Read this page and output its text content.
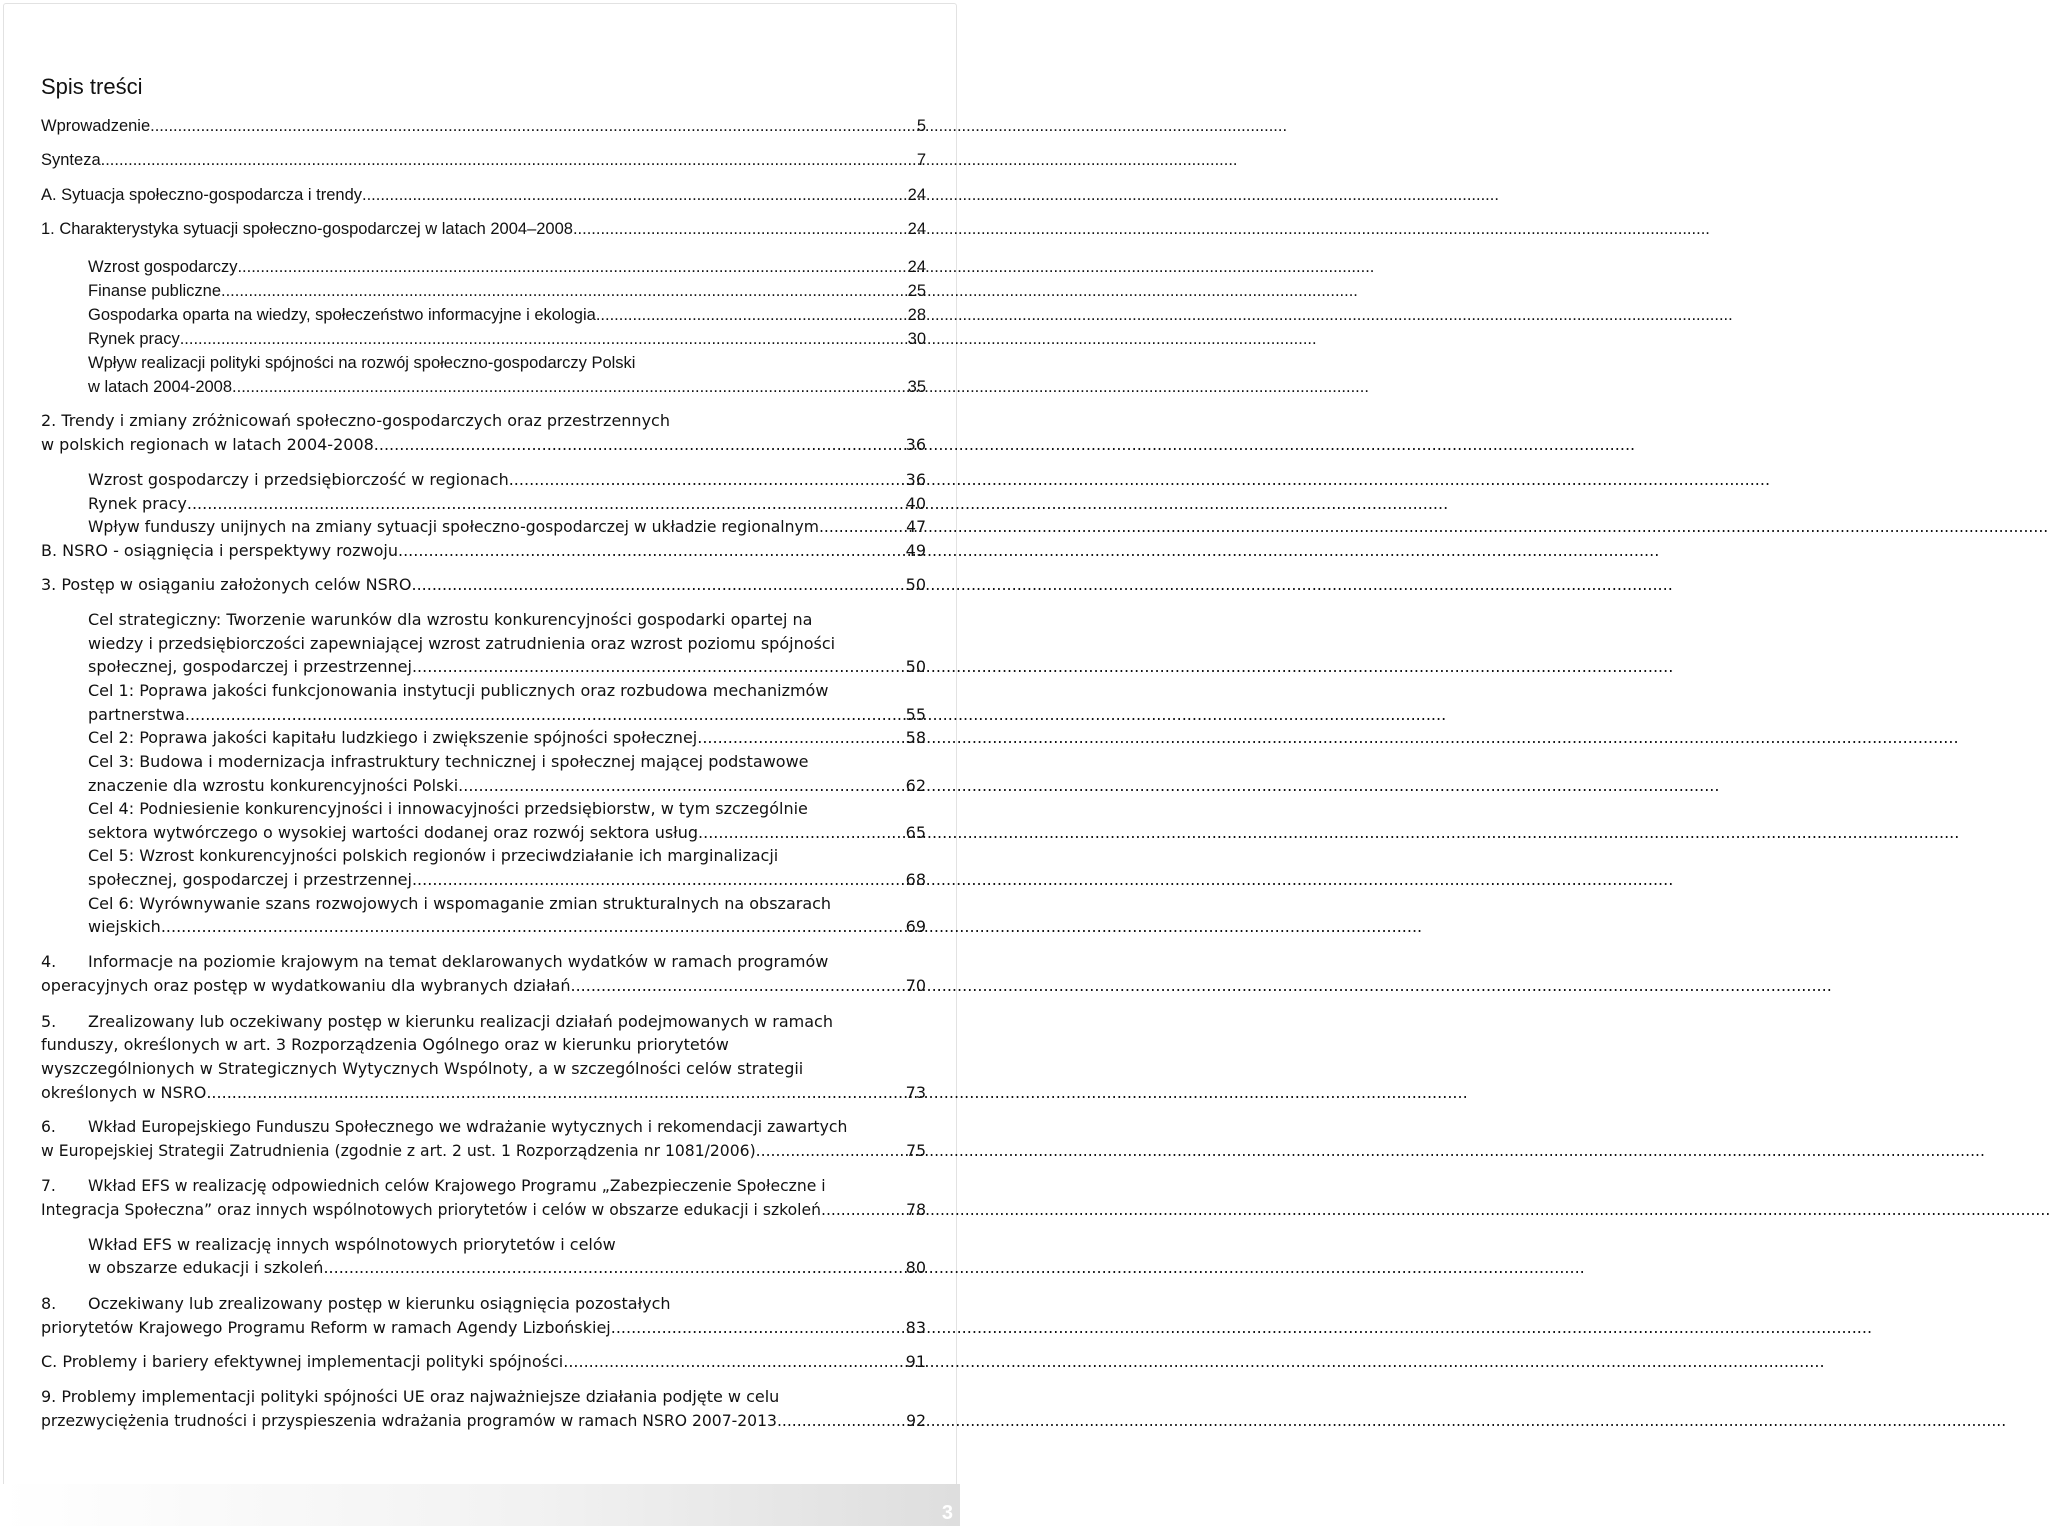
Spis treści
Wprowadzenie .....	5
Synteza .....	7
A. Sytuacja społeczno-gospodarcza i trendy .....	24
1. Charakterystyka sytuacji społeczno-gospodarczej w latach 2004–2008 .....	24
Wzrost gospodarczy .....	24
Finanse publiczne .....	25
Gospodarka oparta na wiedzy, społeczeństwo informacyjne i ekologia .....	28
Rynek pracy .....	30
Wpływ realizacji polityki spójności na rozwój społeczno-gospodarczy Polski
w latach 2004-2008 .....	35
2. Trendy i zmiany zróżnicowań społeczno-gospodarczych oraz przestrzennych
w polskich regionach w latach 2004-2008 .....	36
Wzrost gospodarczy i przedsiębiorczość w regionach .....	36
Rynek pracy .....	40
Wpływ funduszy unijnych na zmiany sytuacji społeczno-gospodarczej w układzie regionalnym .....	47
B. NSRO - osiągnięcia i perspektywy rozwoju .....	49
3. Postęp w osiąganiu założonych celów NSRO .....	50
Cel strategiczny: Tworzenie warunków dla wzrostu konkurencyjności gospodarki opartej na
wiedzy i przedsiębiorczości zapewniającej wzrost zatrudnienia oraz wzrost poziomu spójności
społecznej, gospodarczej i przestrzennej .....	50
Cel 1: Poprawa jakości funkcjonowania instytucji publicznych oraz rozbudowa mechanizmów
partnerstwa .....	55
Cel 2: Poprawa jakości kapitału ludzkiego i zwiększenie spójności społecznej .....	58
Cel 3: Budowa i modernizacja infrastruktury technicznej i społecznej mającej podstawowe
znaczenie dla wzrostu konkurencyjności Polski .....	62
Cel 4: Podniesienie konkurencyjności i innowacyjności przedsiębiorstw, w tym szczególnie
sektora wytwórczego o wysokiej wartości dodanej oraz rozwój sektora usług .....	65
Cel 5: Wzrost konkurencyjności polskich regionów i przeciwdziałanie ich marginalizacji
społecznej, gospodarczej i przestrzennej .....	68
Cel 6: Wyrównywanie szans rozwojowych i wspomaganie zmian strukturalnych na obszarach
wiejskich .....	69
4. Informacje na poziomie krajowym na temat deklarowanych wydatków w ramach programów
operacyjnych oraz postęp w wydatkowaniu dla wybranych działań .....	70
5. Zrealizowany lub oczekiwany postęp w kierunku realizacji działań podejmowanych w ramach
funduszy, określonych w art. 3 Rozporządzenia Ogólnego oraz w kierunku priorytetów
wyszczególnionych w Strategicznych Wytycznych Wspólnoty, a w szczególności celów strategii
określonych w NSRO .....	73
6. Wkład Europejskiego Funduszu Społecznego we wdrażanie wytycznych i rekomendacji zawartych
w Europejskiej Strategii Zatrudnienia (zgodnie z art. 2 ust. 1 Rozporządzenia nr 1081/2006) .....	75
7. Wkład EFS w realizację odpowiednich celów Krajowego Programu „Zabezpieczenie Społeczne i
Integracja Społeczna” oraz innych wspólnotowych priorytetów i celów w obszarze edukacji i szkoleń .....	78
Wkład EFS w realizację innych wspólnotowych priorytetów i celów
w obszarze edukacji i szkoleń .....	80
8. Oczekiwany lub zrealizowany postęp w kierunku osiągnięcia pozostałych
priorytetów Krajowego Programu Reform w ramach Agendy Lizbońskiej .....	83
C. Problemy i bariery efektywnej implementacji polityki spójności .....	91
9. Problemy implementacji polityki spójności UE oraz najważniejsze działania podjęte w celu
przezwyciężenia trudności i przyspieszenia wdrażania programów w ramach NSRO 2007-2013 .....	92
3
